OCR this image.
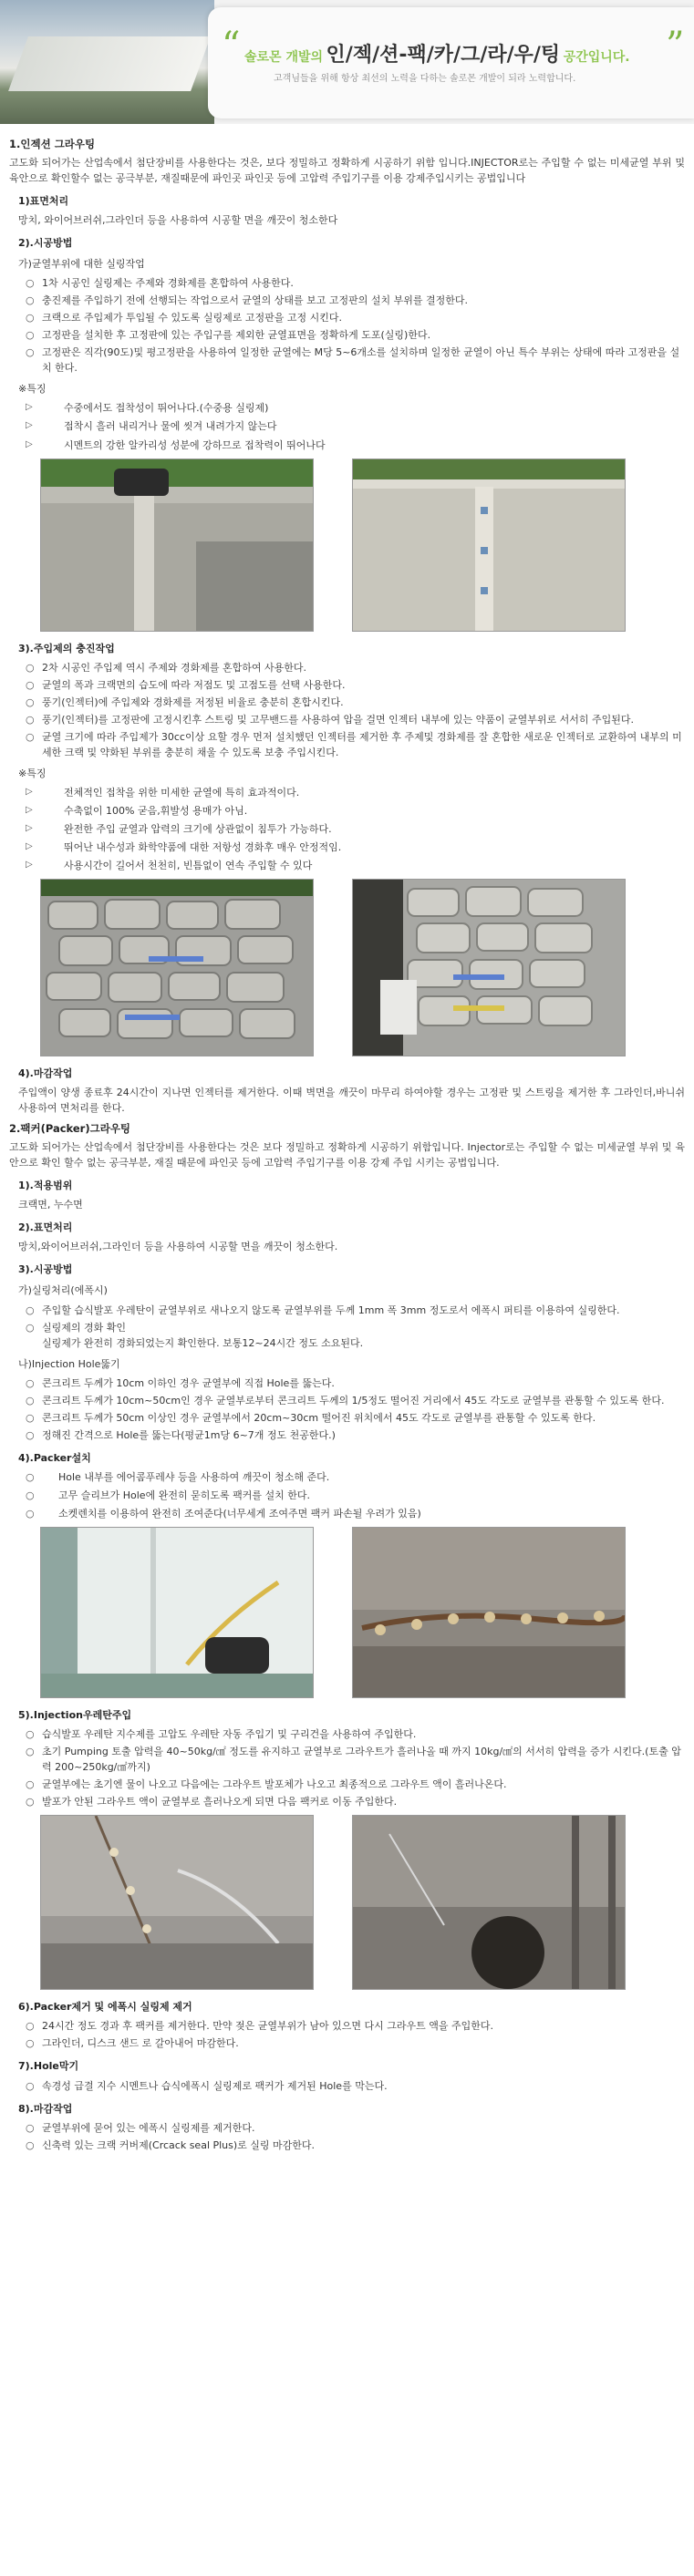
“ 솔로몬 개발의 인/젝/션-팩/카/그/라/우/팅 공간입니다. ”
고객님들을 위해 항상 최선의 노력을 다하는 솔로몬 개발이 되라 노력합니다.
1.인젝션 그라우팅
고도화 되어가는 산업속에서 첨단장비를 사용한다는 것은, 보다 정밀하고 정확하게 시공하기 위함 입니다.INJECTOR로는 주입할 수 없는 미세균열 부위 및 육안으로 확인할수 없는 공극부분, 재질때문에 파인곳 파인곳 등에 고압력 주입기구를 이용 강제주입시키는 공법입니다
1)표면처리
망치, 와이어브러쉬,그라인더 등을 사용하여 시공할 면을 깨끗이 청소한다
2).시공방법
가)균열부위에 대한 실링작업
○ 1차 시공인 실링제는 주제와 경화제를 혼합하여 사용한다.
○ 충진제를 주입하기 전에 선행되는 작업으로서 균열의 상태를 보고 고정판의 설치 부위를 결정한다.
○ 크랙으로 주입제가 투입될 수 있도록 실링제로 고정판을 고정 시킨다.
○ 고정판을 설치한 후 고정판에 있는 주입구를 제외한 균열표면을 정확하게 도포(실링)한다.
○ 고정판은 직각(90도)및 평고정판을 사용하여 일정한 균열에는 M당 5~6개소를 설치하며 일정한 균열이 아닌 특수 부위는 상태에 따라 고정판을 설치 한다.
※특징
▷ 수중에서도 접착성이 뛰어나다.(수중용 실링제)
▷ 접착시 흘러 내리거나 물에 씻겨 내려가지 않는다
▷ 시멘트의 강한 알카리성 성분에 강하므로 접착력이 뛰어나다
3).주입제의 충진작업
○ 2차 시공인 주입제 역시 주제와 경화제를 혼합하여 사용한다.
○ 균열의 폭과 크랙면의 습도에 따라 저점도 및 고점도를 선택 사용한다.
○ 풍기(인젝터)에 주입제와 경화제를 저정된 비율로 충분히 혼합시킨다.
○ 풍기(인젝터)를 고정판에 고정시킨후 스트링 및 고무밴드를 사용하여 압을 걸면 인젝터 내부에 있는 약품이 균열부위로 서서히 주입된다.
○ 균열 크기에 따라 주입제가 30cc이상 요할 경우 먼저 설치했던 인젝터를 제거한 후 주제및 경화제를 잘 혼합한 새로운 인젝터로 교환하여 내부의 미세한 크랙 및 약화된 부위를 충분히 채울 수 있도록 보충 주입시킨다.
※특징
▷ 전체적인 접착을 위한 미세한 균열에 특히 효과적이다.
▷ 수축없이 100% 굳음,휘발성 용매가 아님.
▷ 완전한 주입 균열과 압력의 크기에 상관없이 침투가 가능하다.
▷ 뛰어난 내수성과 화학약품에 대한 저항성 경화후 매우 안정적임.
▷ 사용시간이 길어서 천천히, 빈틈없이 연속 주입할 수 있다
4).마감작업
주입액이 양생 종료후 24시간이 지나면 인젝터를 제거한다. 이때 벽면을 깨끗이 마무리 하여야할 경우는 고정판 및 스트링을 제거한 후 그라인더,바니쉬 사용하여 면처리를 한다.
2.팩커(Packer)그라우팅
고도화 되어가는 산업속에서 첨단장비를 사용한다는 것은 보다 정밀하고 정확하게 시공하기 위함입니다. Injector로는 주입할 수 없는 미세균열 부위 및 육안으로 확인 할수 없는 공극부분, 재질 때문에 파인곳 등에 고압력 주입기구를 이용 강제 주입 시키는 공법입니다.
1).적용범위
크랙면, 누수면
2).표면처리
망치,와이어브러쉬,그라인더 등을 사용하여 시공할 면을 깨끗이 청소한다.
3).시공방법
가)실링처리(에폭시)
○ 주입할 습식발포 우레탄이 균열부위로 새나오지 않도록 균열부위를 두께 1mm 폭 3mm 정도로서 에폭시 퍼티를 이용하여 실링한다.
○ 실링제의 경화 확인
실링제가 완전히 경화되었는지 확인한다. 보통12~24시간 정도 소요된다.
나)Injection Hole뚫기
○ 콘크리트 두께가 10cm 이하인 경우 균열부에 직접 Hole를 뚫는다.
○ 콘크리트 두께가 10cm~50cm인 경우 균열부로부터 콘크리트 두께의 1/5정도 떨어진 거리에서 45도 각도로 균열부를 관통할 수 있도록 한다.
○ 콘크리트 두께가 50cm 이상인 경우 균열부에서 20cm~30cm 떨어진 위치에서 45도 각도로 균열부를 관통할 수 있도록 한다.
○ 정해진 간격으로 Hole를 뚫는다(평균1m당 6~7개 정도 천공한다.)
4).Packer설치
○ Hole 내부를 에어콤푸레샤 등을 사용하여 깨끗이 청소해 준다.
○ 고무 슬리브가 Hole에 완전히 묻히도록 팩커를 설치 한다.
○ 소켓렌치를 이용하여 완전히 조여준다(너무세게 조여주면 팩커 파손될 우려가 있음)
5).Injection우레탄주입
○ 습식발포 우레탄 지수제를 고압도 우레탄 자동 주입기 및 구리건을 사용하여 주입한다.
○ 초기 Pumping 토출 압력을 40~50kg/㎠ 정도를 유지하고 균열부로 그라우트가 흘러나올 때 까지 10kg/㎠의 서서히 압력을 증가 시킨다.(토출 압력 200~250kg/㎠까지)
○ 균열부에는 초기엔 물이 나오고 다음에는 그라우트 발포체가 나오고 최종적으로 그라우트 액이 흘러나온다.
○ 발포가 안된 그라우트 액이 균열부로 흘러나오게 되면 다음 팩커로 이동 주입한다.
6).Packer제거 및 에폭시 실링제 제거
○ 24시간 정도 경과 후 팩커를 제거한다. 만약 젖은 균열부위가 남아 있으면 다시 그라우트 액을 주입한다.
○ 그라인더, 디스크 샌드 로 갈아내어 마감한다.
7).Hole막기
○ 속경성 급결 지수 시멘트나 습식에폭시 실링제로 팩커가 제거된 Hole를 막는다.
8).마감작업
○ 균열부위에 묻어 있는 에폭시 실링제를 제거한다.
○ 신축력 있는 크랙 커버제(Crcack seal Plus)로 실링 마감한다.
